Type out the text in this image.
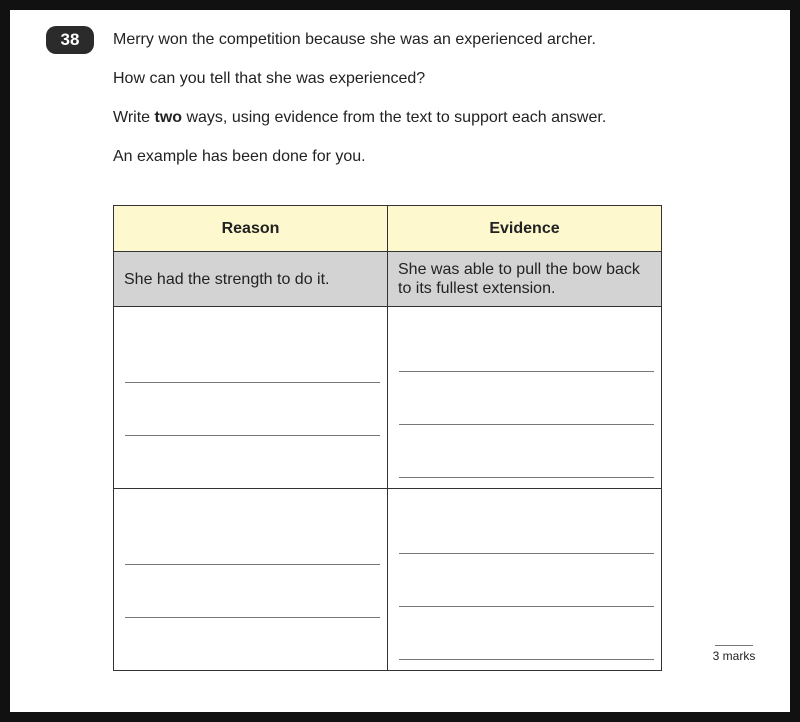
38	Merry won the competition because she was an experienced archer.
How can you tell that she was experienced?
Write two ways, using evidence from the text to support each answer.
An example has been done for you.
Reason	Evidence
She had the strength to do it.	She was able to pull the bow back to its fullest extension.

3 marks
